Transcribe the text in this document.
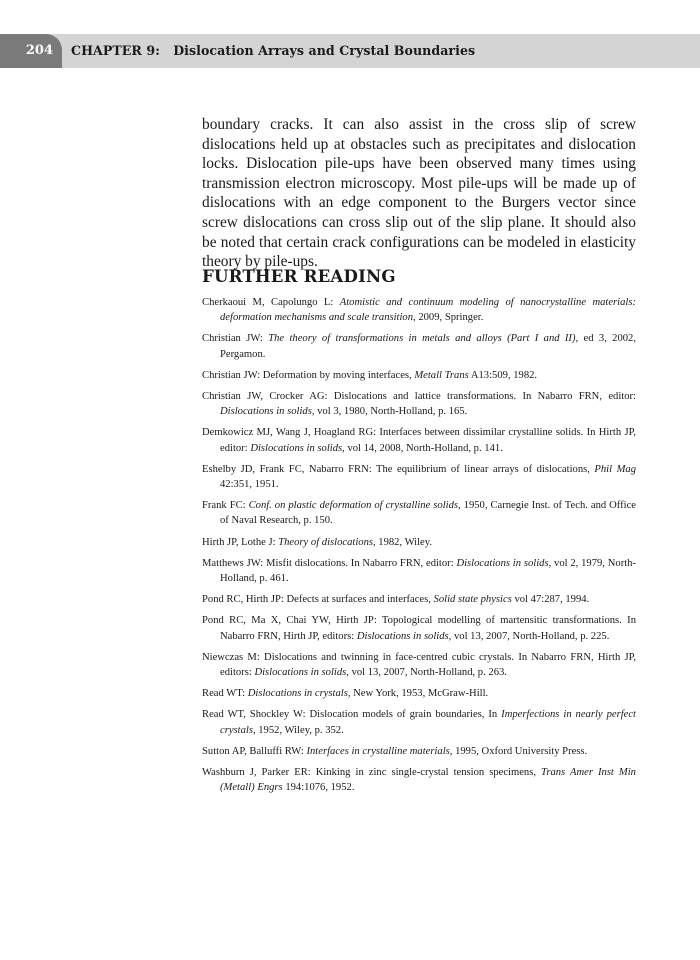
204	CHAPTER 9:   Dislocation Arrays and Crystal Boundaries

boundary cracks. It can also assist in the cross slip of screw dislocations held up at obstacles such as precipitates and dislocation locks. Dislocation pile-ups have been observed many times using transmission electron microscopy. Most pile-ups will be made up of dislocations with an edge component to the Burgers vector since screw dislocations can cross slip out of the slip plane. It should also be noted that certain crack configurations can be modeled in elasticity theory by pile-ups.

FURTHER READING
Cherkaoui M, Capolungo L: Atomistic and continuum modeling of nanocrystalline materials: deformation mechanisms and scale transition, 2009, Springer.
Christian JW: The theory of transformations in metals and alloys (Part I and II), ed 3, 2002, Pergamon.
Christian JW: Deformation by moving interfaces, Metall Trans A13:509, 1982.
Christian JW, Crocker AG: Dislocations and lattice transformations. In Nabarro FRN, editor: Dislocations in solids, vol 3, 1980, North-Holland, p. 165.
Demkowicz MJ, Wang J, Hoagland RG: Interfaces between dissimilar crystalline solids. In Hirth JP, editor: Dislocations in solids, vol 14, 2008, North-Holland, p. 141.
Eshelby JD, Frank FC, Nabarro FRN: The equilibrium of linear arrays of dislocations, Phil Mag 42:351, 1951.
Frank FC: Conf. on plastic deformation of crystalline solids, 1950, Carnegie Inst. of Tech. and Office of Naval Research, p. 150.
Hirth JP, Lothe J: Theory of dislocations, 1982, Wiley.
Matthews JW: Misfit dislocations. In Nabarro FRN, editor: Dislocations in solids, vol 2, 1979, North-Holland, p. 461.
Pond RC, Hirth JP: Defects at surfaces and interfaces, Solid state physics vol 47:287, 1994.
Pond RC, Ma X, Chai YW, Hirth JP: Topological modelling of martensitic transformations. In Nabarro FRN, Hirth JP, editors: Dislocations in solids, vol 13, 2007, North-Holland, p. 225.
Niewczas M: Dislocations and twinning in face-centred cubic crystals. In Nabarro FRN, Hirth JP, editors: Dislocations in solids, vol 13, 2007, North-Holland, p. 263.
Read WT: Dislocations in crystals, New York, 1953, McGraw-Hill.
Read WT, Shockley W: Dislocation models of grain boundaries, In Imperfections in nearly perfect crystals, 1952, Wiley, p. 352.
Sutton AP, Balluffi RW: Interfaces in crystalline materials, 1995, Oxford University Press.
Washburn J, Parker ER: Kinking in zinc single-crystal tension specimens, Trans Amer Inst Min (Metall) Engrs 194:1076, 1952.
